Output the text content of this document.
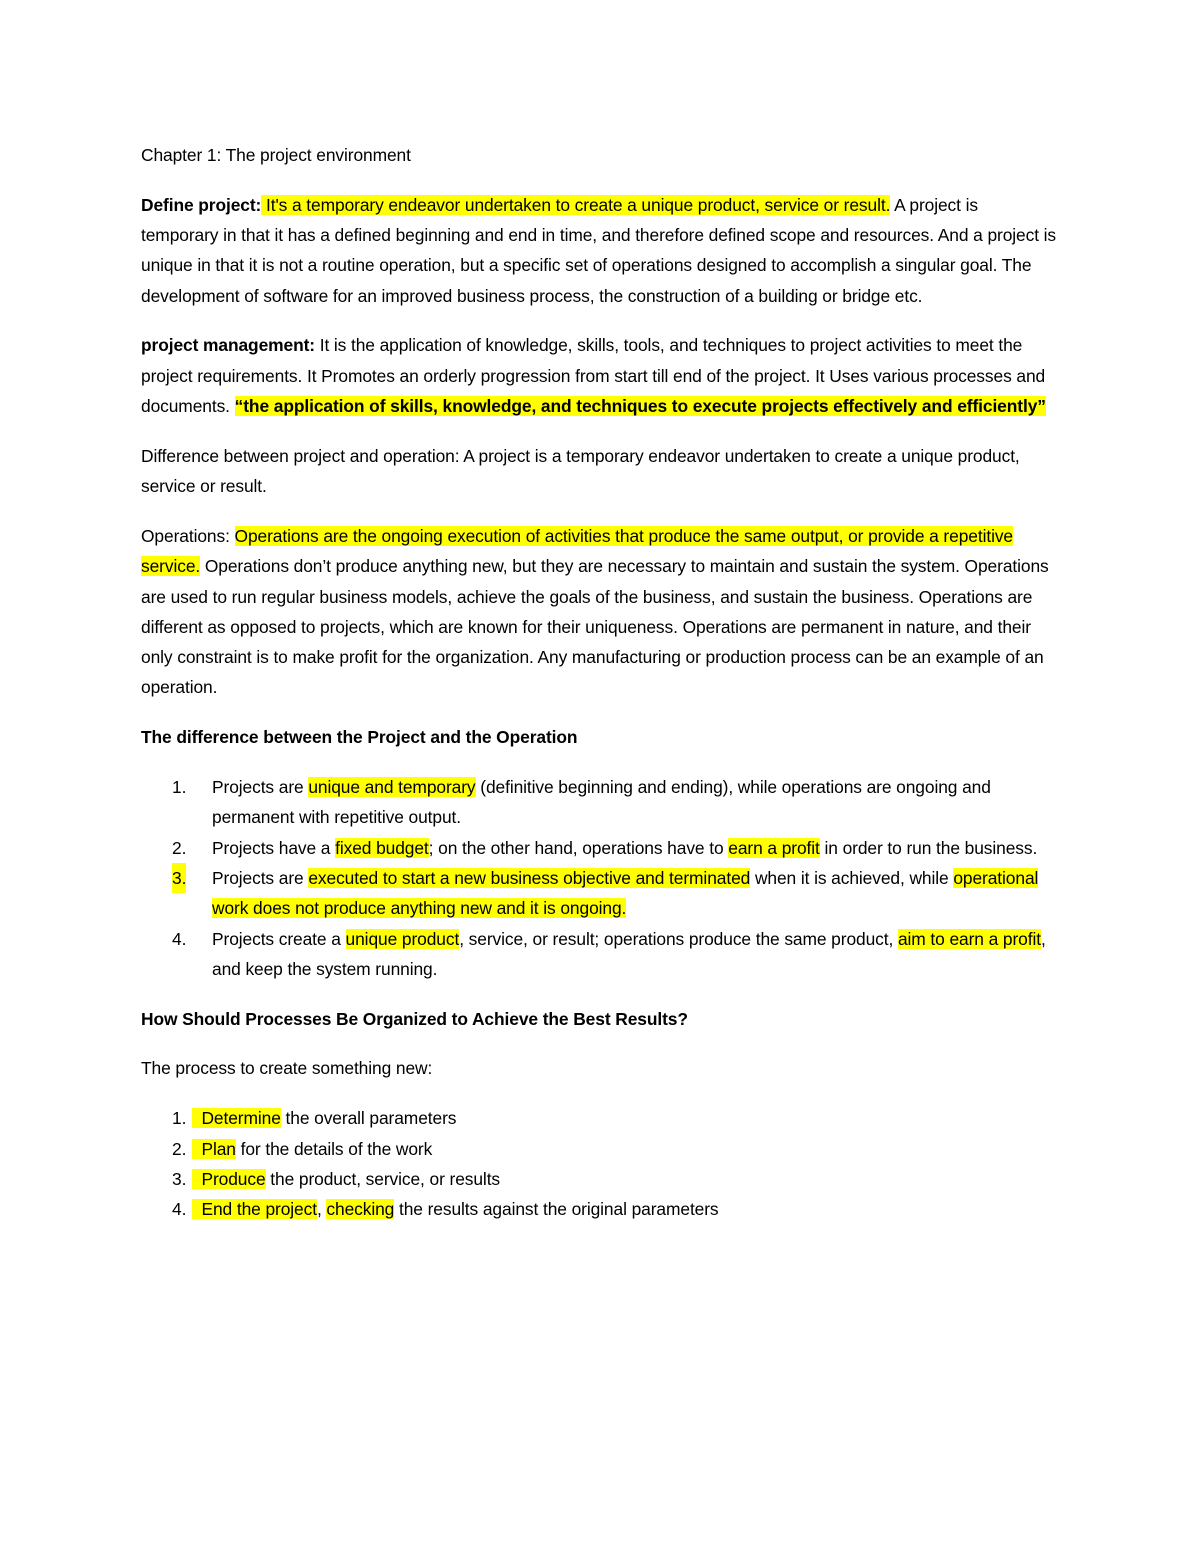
Chapter 1: The project environment

Define project: It's a temporary endeavor undertaken to create a unique product, service or result. A project is temporary in that it has a defined beginning and end in time, and therefore defined scope and resources. And a project is unique in that it is not a routine operation, but a specific set of operations designed to accomplish a singular goal. The development of software for an improved business process, the construction of a building or bridge etc.

project management: It is the application of knowledge, skills, tools, and techniques to project activities to meet the project requirements. It Promotes an orderly progression from start till end of the project. It Uses various processes and documents. “the application of skills, knowledge, and techniques to execute projects effectively and efficiently”

Difference between project and operation: A project is a temporary endeavor undertaken to create a unique product, service or result.

Operations: Operations are the ongoing execution of activities that produce the same output, or provide a repetitive service. Operations don’t produce anything new, but they are necessary to maintain and sustain the system. Operations are used to run regular business models, achieve the goals of the business, and sustain the business. Operations are different as opposed to projects, which are known for their uniqueness. Operations are permanent in nature, and their only constraint is to make profit for the organization. Any manufacturing or production process can be an example of an operation.

The difference between the Project and the Operation

1. Projects are unique and temporary (definitive beginning and ending), while operations are ongoing and permanent with repetitive output.
2. Projects have a fixed budget; on the other hand, operations have to earn a profit in order to run the business.
3. Projects are executed to start a new business objective and terminated when it is achieved, while operational work does not produce anything new and it is ongoing.
4. Projects create a unique product, service, or result; operations produce the same product, aim to earn a profit, and keep the system running.

How Should Processes Be Organized to Achieve the Best Results?

The process to create something new:

1. Determine the overall parameters
2. Plan for the details of the work
3. Produce the product, service, or results
4. End the project, checking the results against the original parameters
